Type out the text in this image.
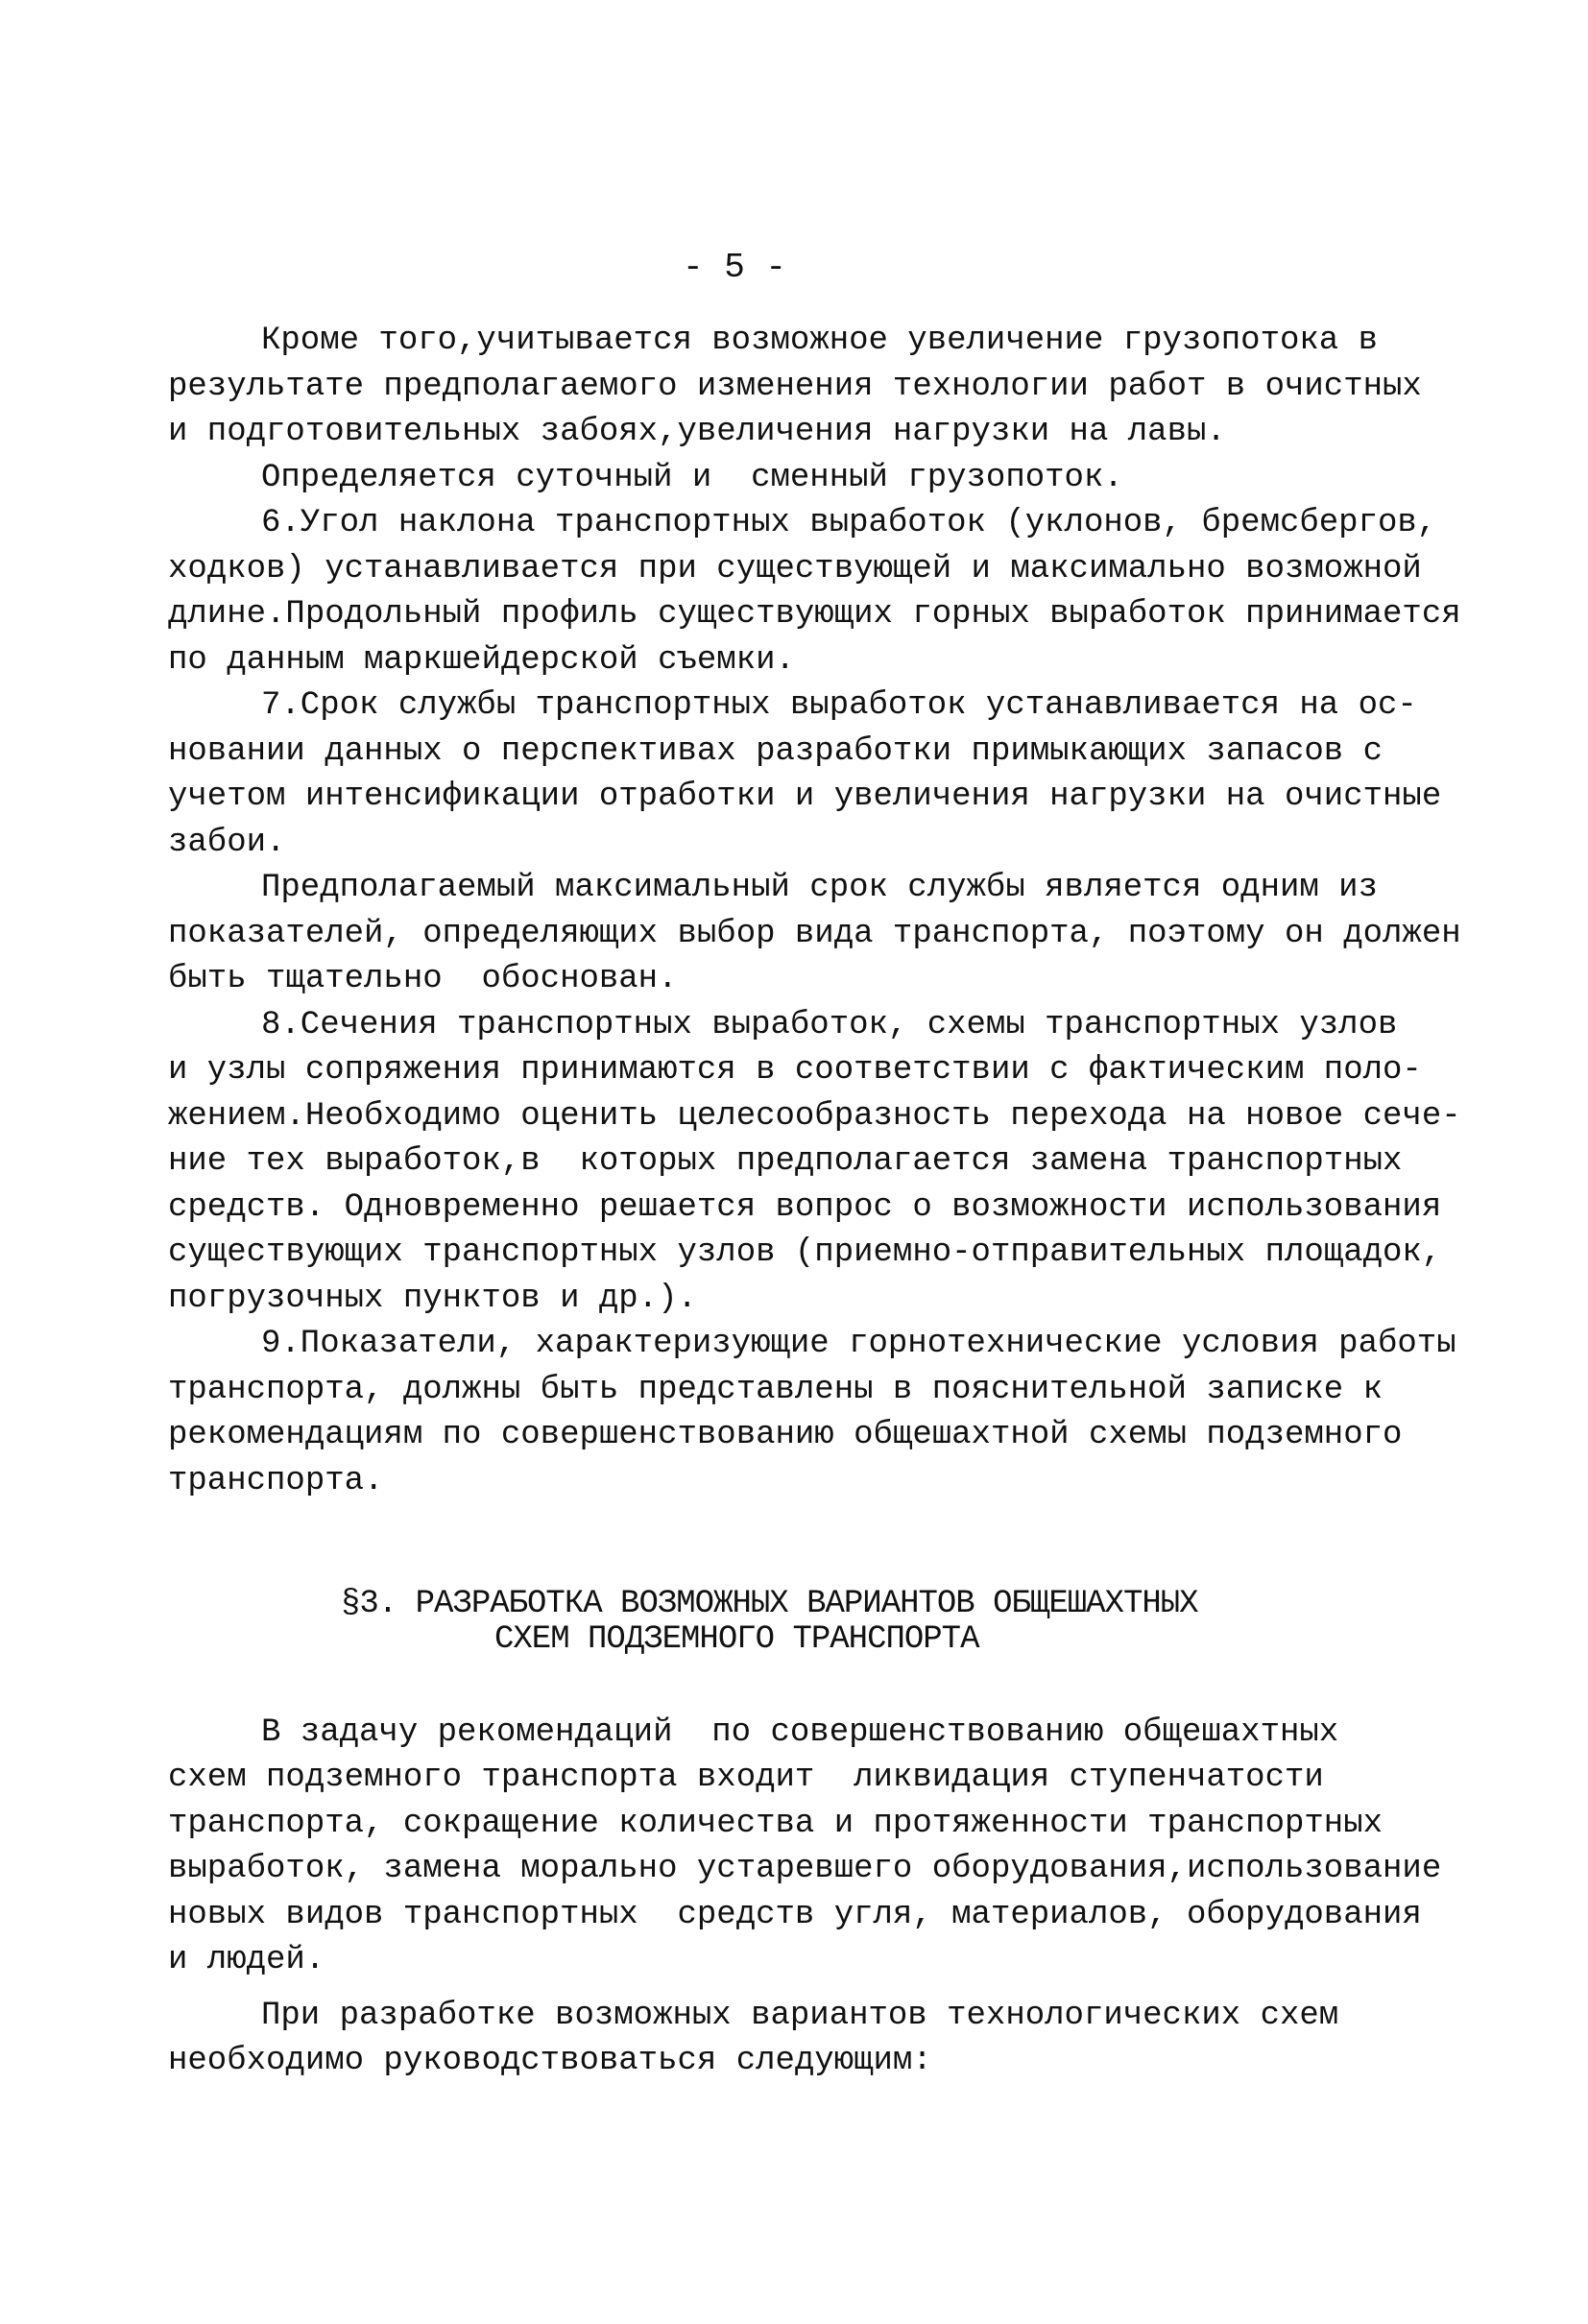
- 5 -
Кроме того,учитывается возможное увеличение грузопотока в
результате предполагаемого изменения технологии работ в очистных
и подготовительных забоях,увеличения нагрузки на лавы.
Определяется суточный и  сменный грузопоток.
6.Угол наклона транспортных выработок (уклонов, бремсбергов,
ходков) устанавливается при существующей и максимально возможной
длине.Продольный профиль существующих горных выработок принимается
по данным маркшейдерской съемки.
7.Срок службы транспортных выработок устанавливается на ос-
новании данных о перспективах разработки примыкающих запасов с
учетом интенсификации отработки и увеличения нагрузки на очистные
забои.
Предполагаемый максимальный срок службы является одним из
показателей, определяющих выбор вида транспорта, поэтому он должен
быть тщательно  обоснован.
8.Сечения транспортных выработок, схемы транспортных узлов
и узлы сопряжения принимаются в соответствии с фактическим поло-
жением.Необходимо оценить целесообразность перехода на новое сече-
ние тех выработок,в  которых предполагается замена транспортных
средств. Одновременно решается вопрос о возможности использования
существующих транспортных узлов (приемно-отправительных площадок,
погрузочных пунктов и др.).
9.Показатели, характеризующие горнотехнические условия работы
транспорта, должны быть представлены в пояснительной записке к
рекомендациям по совершенствованию общешахтной схемы подземного
транспорта.
§3. РАЗРАБОТКА ВОЗМОЖНЫХ ВАРИАНТОВ ОБЩЕШАХТНЫХ
СХЕМ ПОДЗЕМНОГО ТРАНСПОРТА
В задачу рекомендаций  по совершенствованию общешахтных
схем подземного транспорта входит  ликвидация ступенчатости
транспорта, сокращение количества и протяженности транспортных
выработок, замена морально устаревшего оборудования,использование
новых видов транспортных  средств угля, материалов, оборудования
и людей.
При разработке возможных вариантов технологических схем
необходимо руководствоваться следующим:
